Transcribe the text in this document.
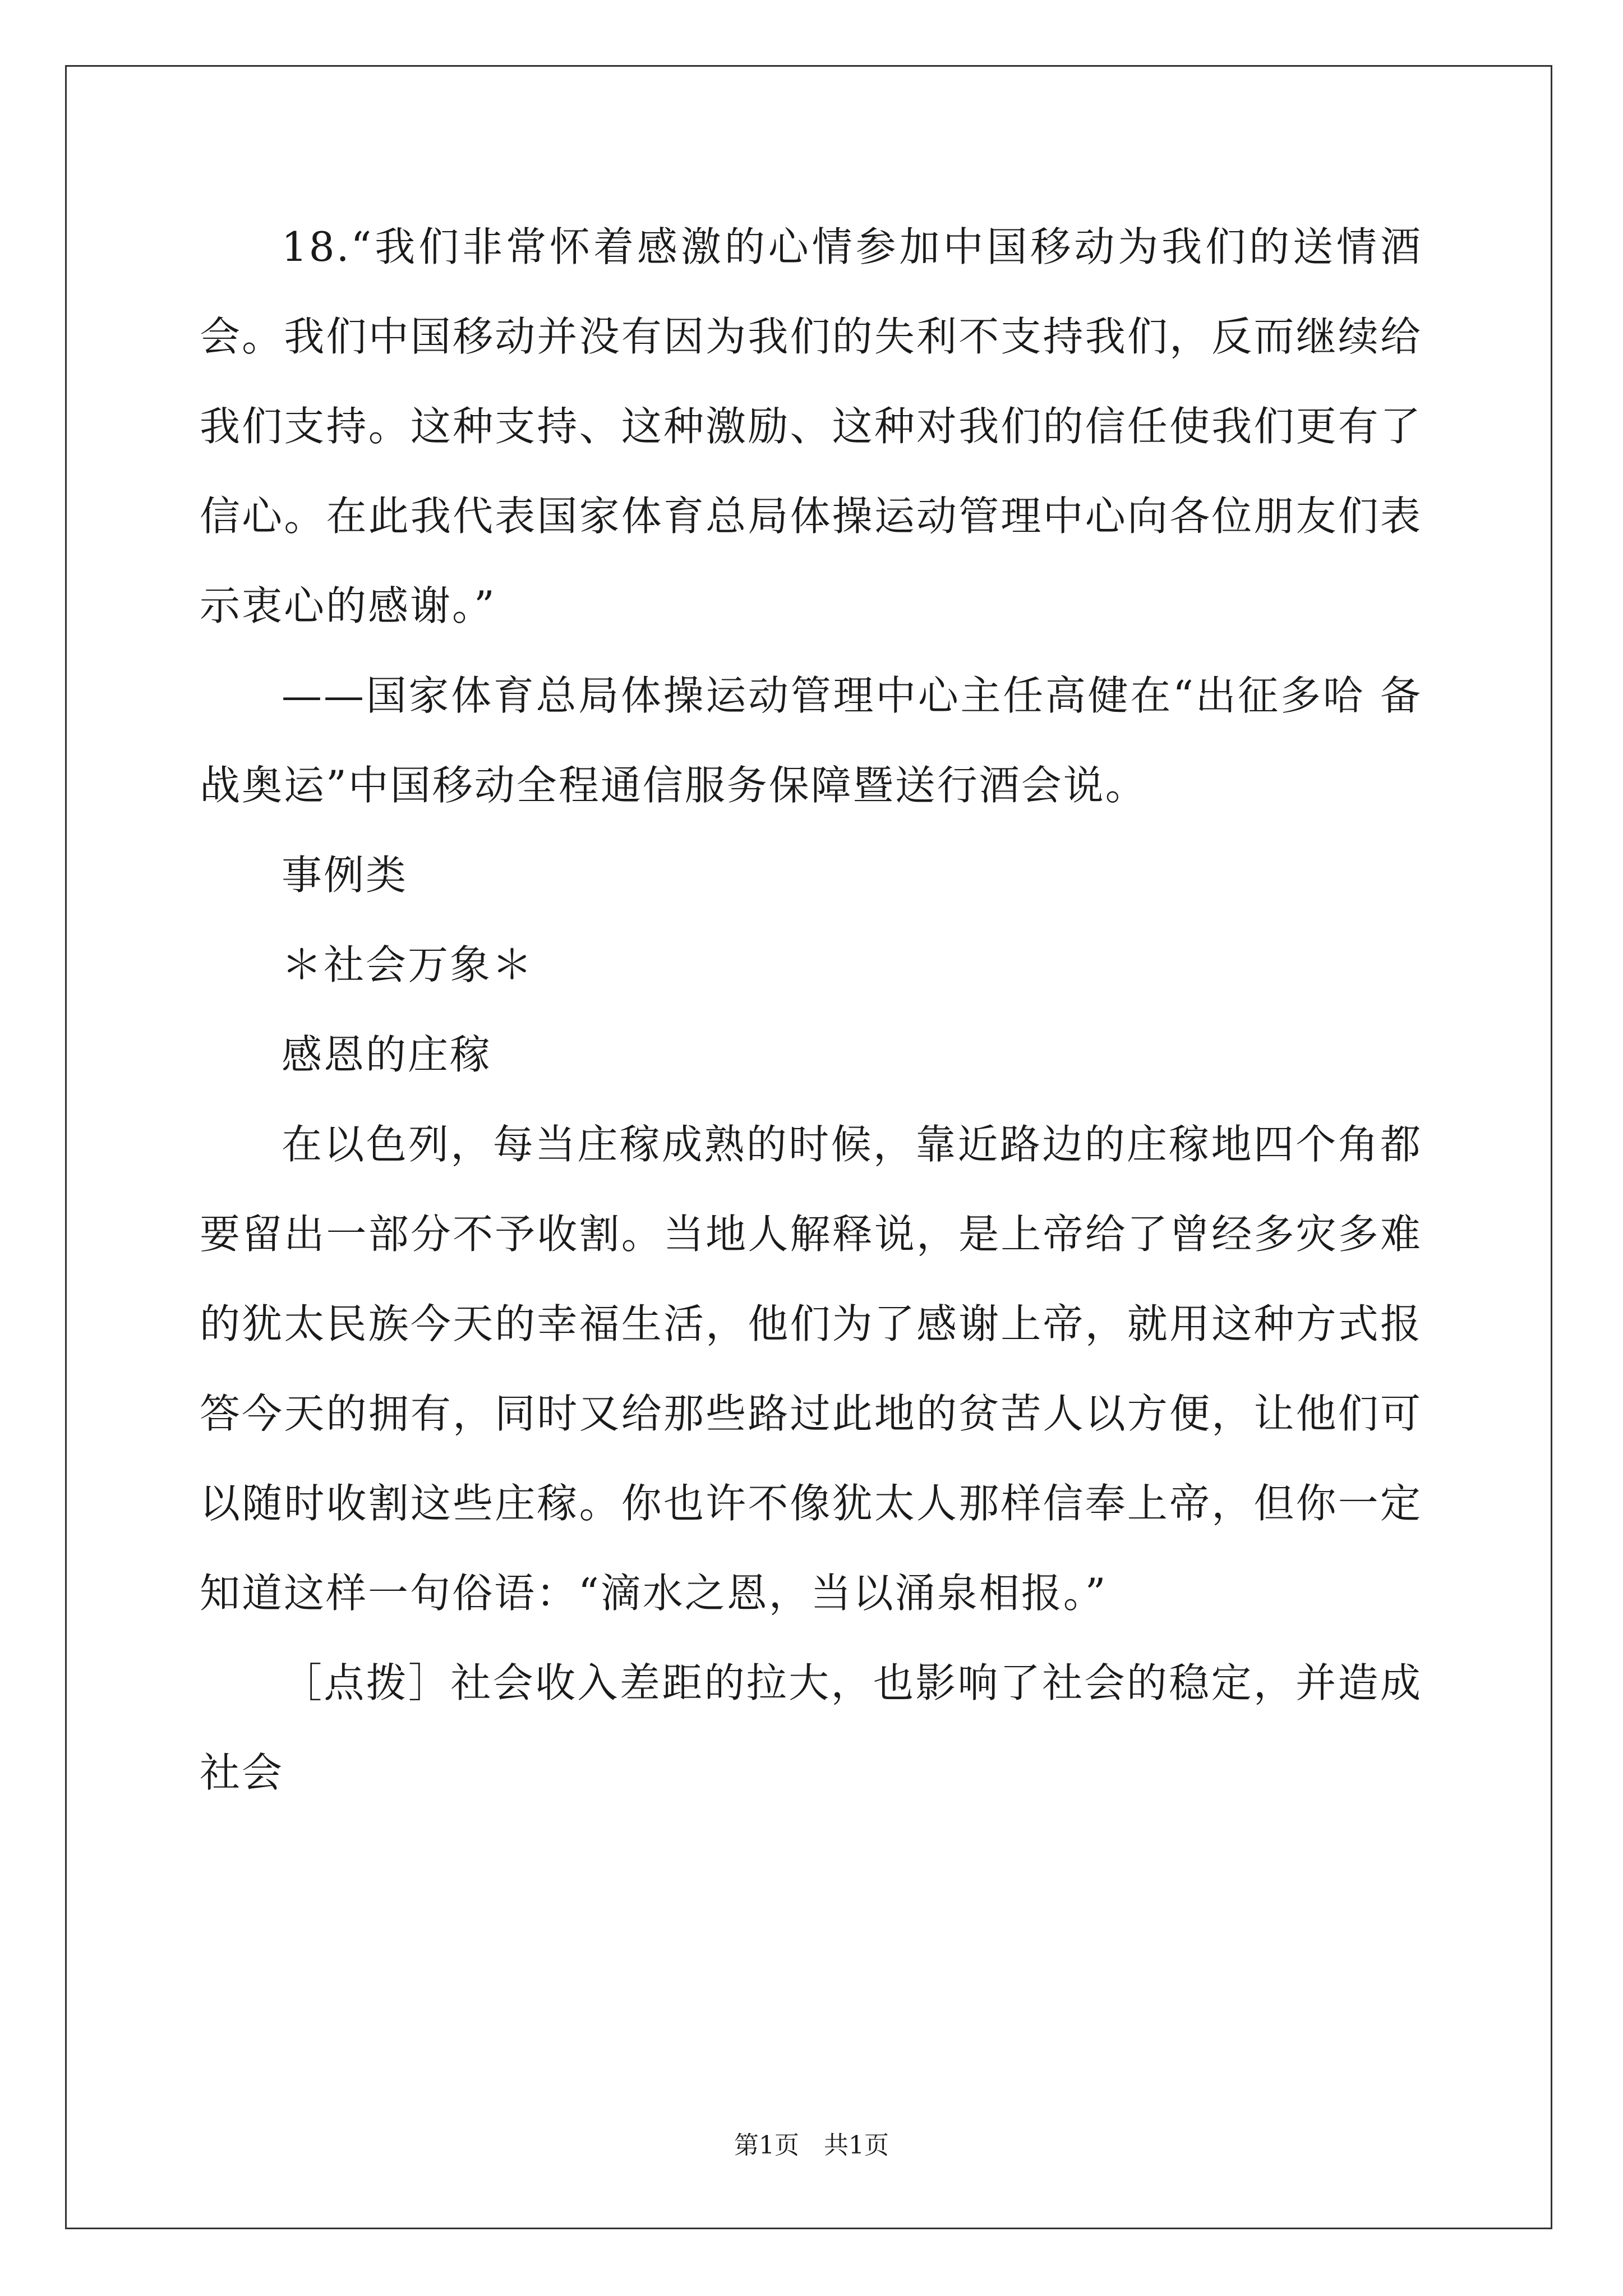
18.“我们非常怀着感激的心情参加中国移动为我们的送情酒会。我们中国移动并没有因为我们的失利不支持我们，反而继续给我们支持。这种支持、这种激励、这种对我们的信任使我们更有了信心。在此我代表国家体育总局体操运动管理中心向各位朋友们表示衷心的感谢。”

——国家体育总局体操运动管理中心主任高健在“出征多哈 备战奥运”中国移动全程通信服务保障暨送行酒会说。

事例类

＊社会万象＊

感恩的庄稼

在以色列，每当庄稼成熟的时候，靠近路边的庄稼地四个角都要留出一部分不予收割。当地人解释说，是上帝给了曾经多灾多难的犹太民族今天的幸福生活，他们为了感谢上帝，就用这种方式报答今天的拥有，同时又给那些路过此地的贫苦人以方便，让他们可以随时收割这些庄稼。你也许不像犹太人那样信奉上帝，但你一定知道这样一句俗语：“滴水之恩，当以涌泉相报。”

［点拨］社会收入差距的拉大，也影响了社会的稳定，并造成社会

第1页　共1页
